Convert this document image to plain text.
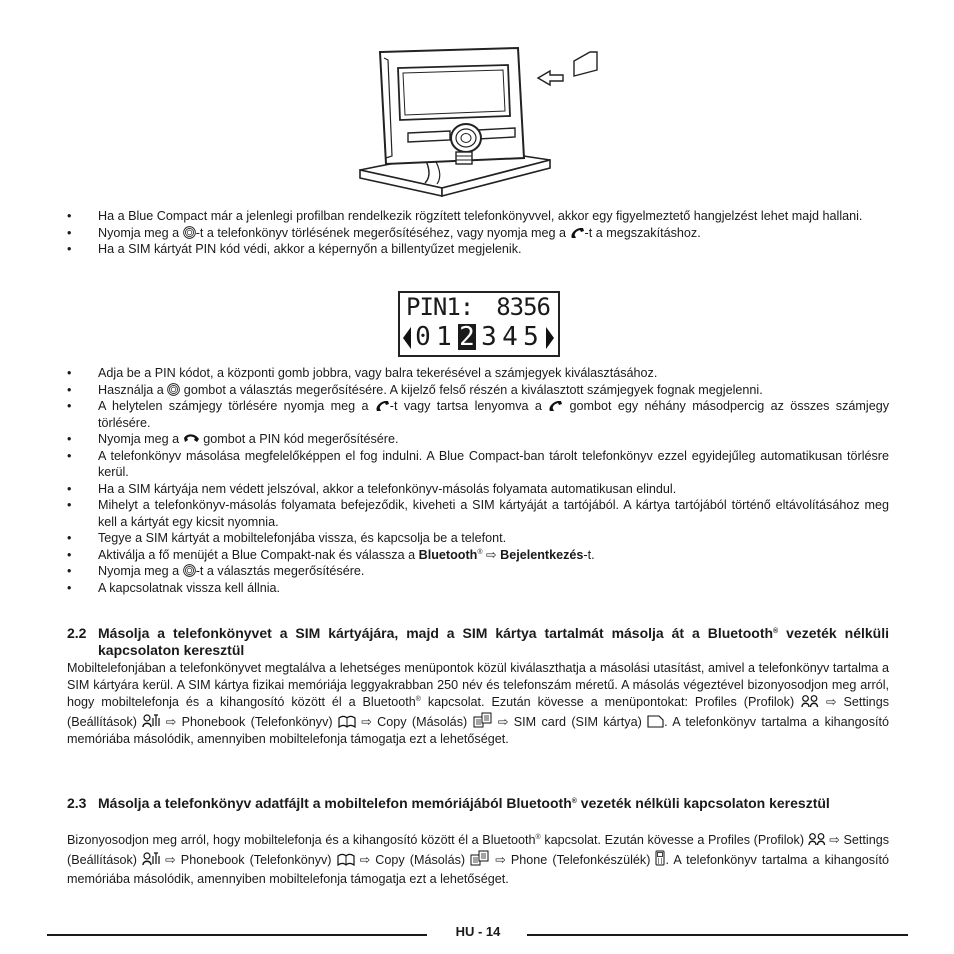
• Ha a Blue Compact már a jelenlegi profilban rendelkezik rögzített telefonkönyvvel, akkor egy figyelmeztető hangjelzést lehet majd hallani.
• Nyomja meg a -t a telefonkönyv törlésének megerősítéséhez, vagy nyomja meg a -t a megszakításhoz.
• Ha a SIM kártyát PIN kód védi, akkor a képernyőn a billentyűzet megjelenik.
PIN1: 8356
0 1 2 3 4 5
• Adja be a PIN kódot, a központi gomb jobbra, vagy balra tekerésével a számjegyek kiválasztásához.
• Használja a  gombot a választás megerősítésére. A kijelző felső részén a kiválasztott számjegyek fognak megjelenni.
• A helytelen számjegy törlésére nyomja meg a -t vagy tartsa lenyomva a  gombot egy néhány másodpercig az összes számjegy törlésére.
• Nyomja meg a  gombot a PIN kód megerősítésére.
• A telefonkönyv másolása megfelelőképpen el fog indulni. A Blue Compact-ban tárolt telefonkönyv ezzel egyidejűleg automatikusan törlésre kerül.
• Ha a SIM kártyája nem védett jelszóval, akkor a telefonkönyv-másolás folyamata automatikusan elindul.
• Mihelyt a telefonkönyv-másolás folyamata befejeződik, kiveheti a SIM kártyáját a tartójából. A kártya tartójából történő eltávolításához meg kell a kártyát egy kicsit nyomnia.
• Tegye a SIM kártyát a mobiltelefonjába vissza, és kapcsolja be a telefont.
• Aktiválja a fő menüjét a Blue Compakt-nak és válassza a Bluetooth® ⇨ Bejelentkezés-t.
• Nyomja meg a -t a választás megerősítésére.
• A kapcsolatnak vissza kell állnia.
2.2 Másolja a telefonkönyvet a SIM kártyájára, majd a SIM kártya tartalmát másolja át a Bluetooth® vezeték nélküli kapcsolaton keresztül
Mobiltelefonjában a telefonkönyvet megtalálva a lehetséges menüpontok közül kiválaszthatja a másolási utasítást, amivel a telefonkönyv tartalma a SIM kártyára kerül. A SIM kártya fizikai memóriája leggyakrabban 250 név és telefonszám méretű. A másolás végeztével bizonyosodjon meg arról, hogy mobiltelefonja és a kihangosító között él a Bluetooth® kapcsolat. Ezután kövesse a menüpontokat: Profiles (Profilok)  ⇨ Settings (Beállítások)  ⇨ Phonebook (Telefonkönyv)  ⇨ Copy (Másolás)  ⇨ SIM card (SIM kártya) . A telefonkönyv tartalma a kihangosító memóriába másolódik, amennyiben mobiltelefonja támogatja ezt a lehetőséget.
2.3 Másolja a telefonkönyv adatfájlt a mobiltelefon memóriájából Bluetooth® vezeték nélküli kapcsolaton keresztül
Bizonyosodjon meg arról, hogy mobiltelefonja és a kihangosító között él a Bluetooth® kapcsolat. Ezután kövesse a Profiles (Profilok)  ⇨ Settings (Beállítások)  ⇨ Phonebook (Telefonkönyv)  ⇨ Copy (Másolás)  ⇨ Phone (Telefonkészülék) . A telefonkönyv tartalma a kihangosító memóriába másolódik, amennyiben mobiltelefonja támogatja ezt a lehetőséget.
HU - 14
